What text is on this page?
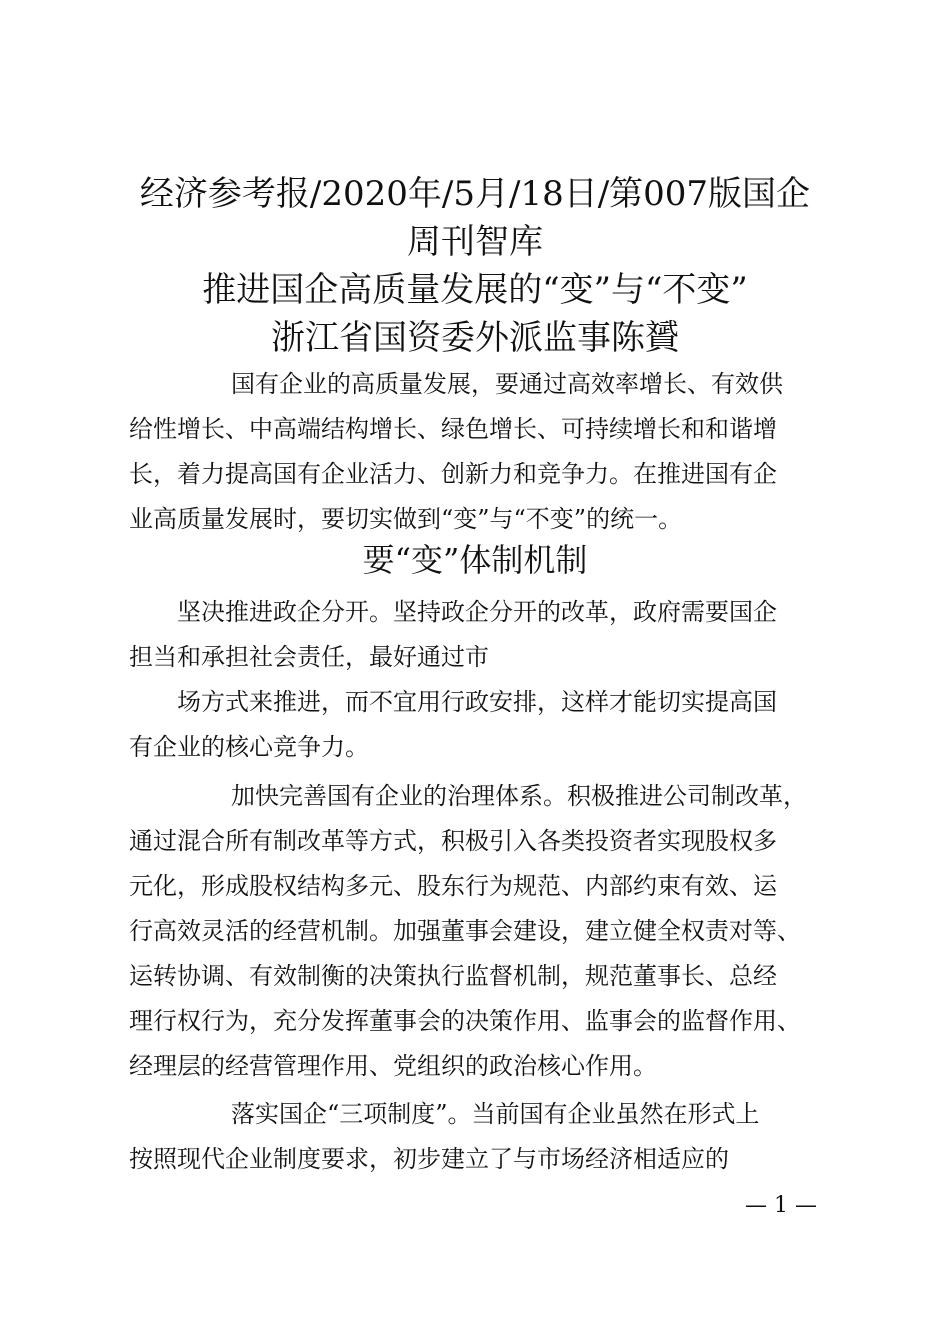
经济参考报/2020年/5月/18日/第007版国企
周刊智库
推进国企高质量发展的“变”与“不变”
浙江省国资委外派监事陈贇

国有企业的高质量发展，要通过高效率增长、有效供
给性增长、中高端结构增长、绿色增长、可持续增长和和谐增
长，着力提高国有企业活力、创新力和竞争力。在推进国有企
业高质量发展时，要切实做到“变”与“不变”的统一。

要“变”体制机制

坚决推进政企分开。坚持政企分开的改革，政府需要国企
担当和承担社会责任，最好通过市

场方式来推进，而不宜用行政安排，这样才能切实提高国
有企业的核心竞争力。

加快完善国有企业的治理体系。积极推进公司制改革，
通过混合所有制改革等方式，积极引入各类投资者实现股权多
元化，形成股权结构多元、股东行为规范、内部约束有效、运
行高效灵活的经营机制。加强董事会建设，建立健全权责对等、
运转协调、有效制衡的决策执行监督机制，规范董事长、总经
理行权行为，充分发挥董事会的决策作用、监事会的监督作用、
经理层的经营管理作用、党组织的政治核心作用。

落实国企“三项制度”。当前国有企业虽然在形式上
按照现代企业制度要求，初步建立了与市场经济相适应的

— 1 —
